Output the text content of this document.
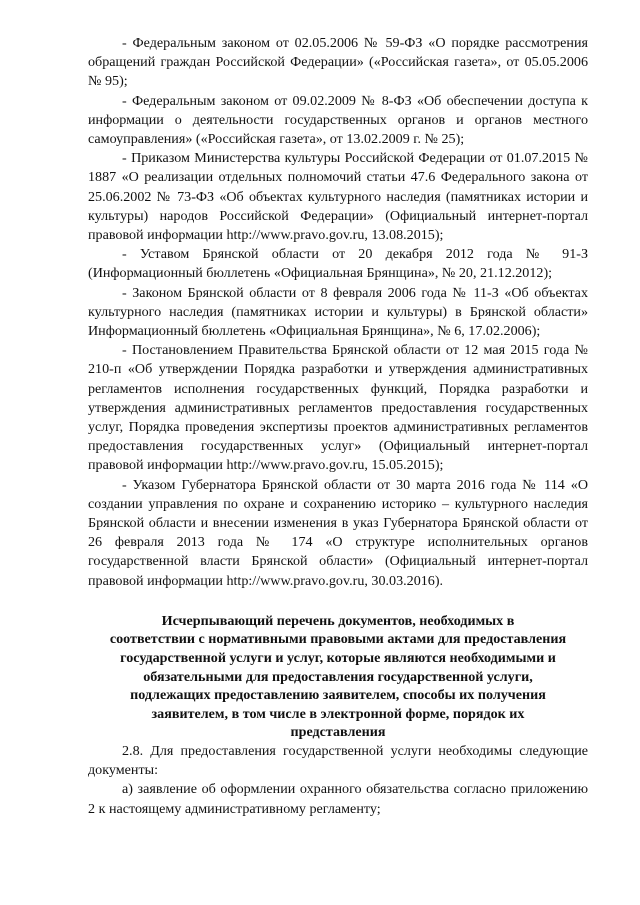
- Федеральным законом от 02.05.2006 № 59-ФЗ «О порядке рассмотрения обращений граждан Российской Федерации» («Российская газета», от 05.05.2006 № 95);

- Федеральным законом от 09.02.2009 № 8-ФЗ «Об обеспечении доступа к информации о деятельности государственных органов и органов местного самоуправления» («Российская газета», от 13.02.2009 г. № 25);

- Приказом Министерства культуры Российской Федерации от 01.07.2015 № 1887 «О реализации отдельных полномочий статьи 47.6 Федерального закона от 25.06.2002 № 73-ФЗ «Об объектах культурного наследия (памятниках истории и культуры) народов Российской Федерации» (Официальный интернет-портал правовой информации http://www.pravo.gov.ru, 13.08.2015);

- Уставом Брянской области от 20 декабря 2012 года № 91-З (Информационный бюллетень «Официальная Брянщина», № 20, 21.12.2012);

- Законом Брянской области от 8 февраля 2006 года № 11-З «Об объектах культурного наследия (памятниках истории и культуры) в Брянской области» Информационный бюллетень «Официальная Брянщина», № 6, 17.02.2006);

- Постановлением Правительства Брянской области от 12 мая 2015 года № 210-п «Об утверждении Порядка разработки и утверждения административных регламентов исполнения государственных функций, Порядка разработки и утверждения административных регламентов предоставления государственных услуг, Порядка проведения экспертизы проектов административных регламентов предоставления государственных услуг» (Официальный интернет-портал правовой информации http://www.pravo.gov.ru, 15.05.2015);

- Указом Губернатора Брянской области от 30 марта 2016 года № 114 «О создании управления по охране и сохранению историко – культурного наследия Брянской области и внесении изменения в указ Губернатора Брянской области от 26 февраля 2013 года № 174 «О структуре исполнительных органов государственной власти Брянской области» (Официальный интернет-портал правовой информации http://www.pravo.gov.ru, 30.03.2016).

Исчерпывающий перечень документов, необходимых в
соответствии с нормативными правовыми актами для предоставления
государственной услуги и услуг, которые являются необходимыми и
обязательными для предоставления государственной услуги,
подлежащих предоставлению заявителем, способы их получения
заявителем, в том числе в электронной форме, порядок их
представления

2.8. Для предоставления государственной услуги необходимы следующие документы:

а) заявление об оформлении охранного обязательства согласно приложению 2 к настоящему административному регламенту;
